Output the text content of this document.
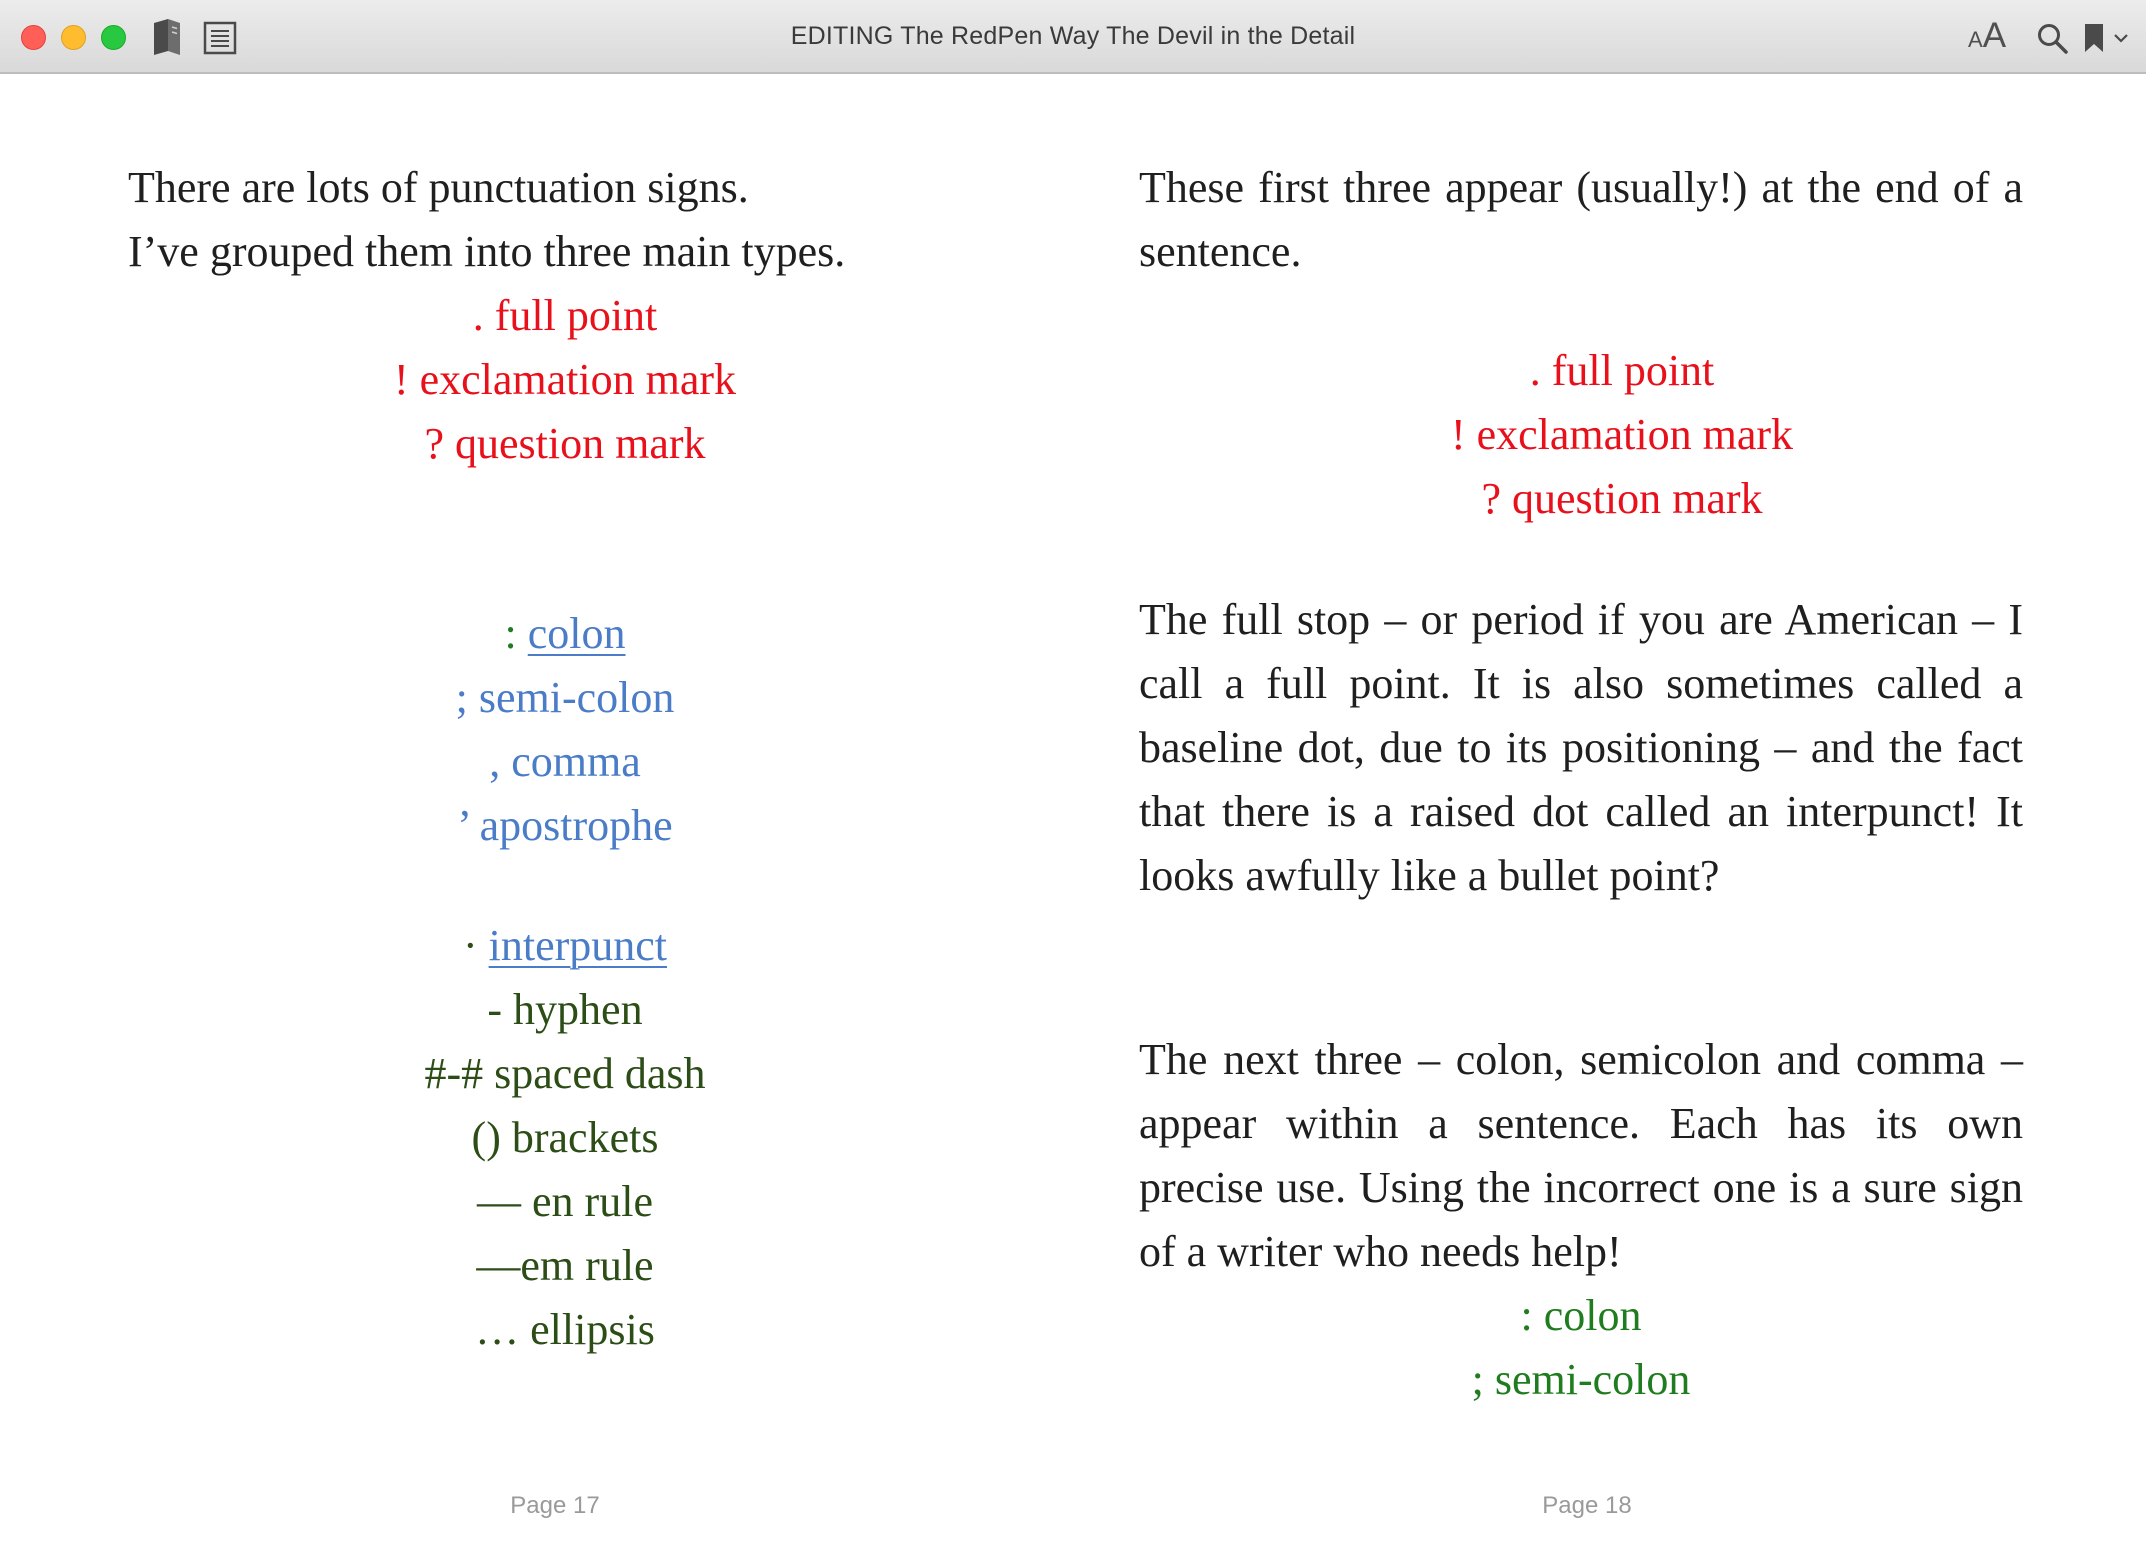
EDITING The RedPen Way The Devil in the Detail	AA

There are lots of punctuation signs.
I’ve grouped them into three main types.

. full point
! exclamation mark
? question mark
: colon
; semi-colon
, comma
’ apostrophe
· interpunct
- hyphen
#-# spaced dash
() brackets
— en rule
—em rule
… ellipsis
Page 17

These first three appear (usually!) at the end of a sentence.

. full point
! exclamation mark
? question mark

The full stop – or period if you are American – I call a full point. It is also sometimes called a baseline dot, due to its positioning – and the fact that there is a raised dot called an interpunct! It looks awfully like a bullet point?

The next three – colon, semicolon and comma – appear within a sentence. Each has its own precise use. Using the incorrect one is a sure sign of a writer who needs help!

: colon
; semi-colon
Page 18
